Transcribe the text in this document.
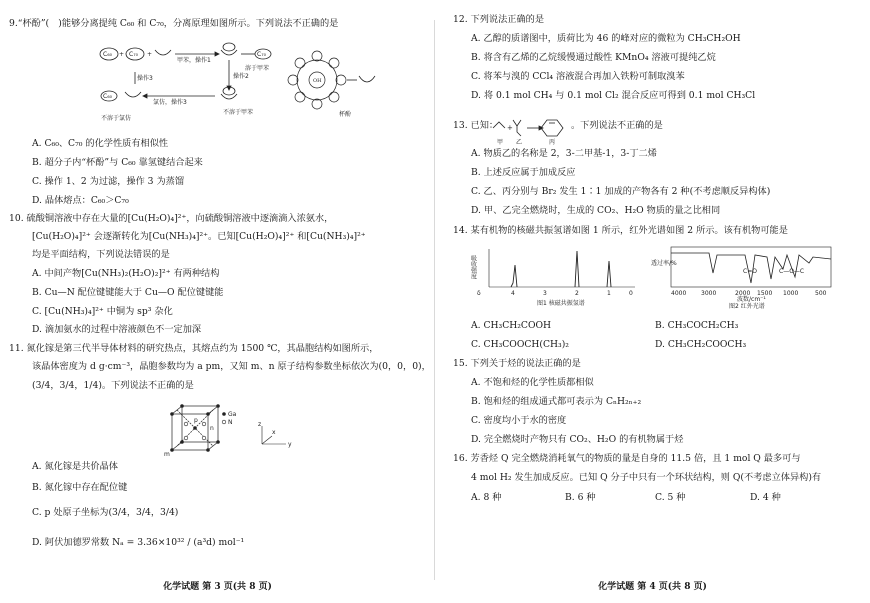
9.“杯酚”(　)能够分离提纯 C₆₀ 和 C₇₀，分离原理如图所示。下列说法不正确的是
C₆₀ + C₇₀ +
甲苯，操作1
C₇₀
溶于甲苯
操作2
不溶于甲苯
氯仿，操作3
不溶于氯仿
C₆₀
操作3	OH
杯酚
A. C₆₀、C₇₀ 的化学性质有相似性
B. 超分子内“杯酚”与 C₆₀ 靠氢键结合起来
C. 操作 1、2 为过滤，操作 3 为蒸馏
D. 晶体熔点：C₆₀＞C₇₀
10. 硫酸铜溶液中存在大量的[Cu(H₂O)₄]²⁺，向硫酸铜溶液中逐滴滴入浓氨水，
[Cu(H₂O)₄]²⁺ 会逐渐转化为[Cu(NH₃)₄]²⁺。已知[Cu(H₂O)₄]²⁺ 和[Cu(NH₃)₄]²⁺
均是平面结构，下列说法错误的是
A. 中间产物[Cu(NH₃)₂(H₂O)₂]²⁺ 有两种结构
B. Cu—N 配位键键能大于 Cu—O 配位键键能
C. [Cu(NH₃)₄]²⁺ 中铜为 sp³ 杂化
D. 滴加氨水的过程中溶液颜色不一定加深
11. 氮化镓是第三代半导体材料的研究热点，其熔点约为 1500 ℃，其晶胞结构如图所示，
该晶体密度为 d g·cm⁻³，晶胞参数均为 a pm，又知 m、n 原子结构参数坐标依次为(0，0，0)，
(3/4，3/4，1/4)。下列说法不正确的是
m
n
p
Ga
N	z
y
x
A. 氮化镓是共价晶体
B. 氮化镓中存在配位键
C. p 处原子坐标为(3/4，3/4，3/4)
D. 阿伏加德罗常数 Nₐ = 3.36×10³² / (a³d) mol⁻¹
化学试题 第 3 页(共 8 页)
12. 下列说法正确的是
A. 乙醇的质谱图中，质荷比为 46 的峰对应的微粒为 CH₃CH₂OH
B. 将含有乙烯的乙烷缓慢通过酸性 KMnO₄ 溶液可提纯乙烷
C. 将苯与溴的 CCl₄ 溶液混合再加入铁粉可制取溴苯
D. 将 0.1 mol CH₄ 与 0.1 mol Cl₂ 混合反应可得到 0.1 mol CH₃Cl
13. 已知： +
甲 乙	丙
。下列说法不正确的是
A. 物质乙的名称是 2，3-二甲基-1，3-丁二烯
B. 上述反应属于加成反应
C. 乙、丙分别与 Br₂ 发生 1∶1 加成的产物各有 2 种(不考虑顺反异构体)
D. 甲、乙完全燃烧时，生成的 CO₂、H₂O 物质的量之比相同
14. 某有机物的核磁共振氢谱如图 1 所示，红外光谱如图 2 所示。该有机物可能是
吸收强度
4	3	2	1	0
δ
图1 核磁共振氢谱
透过率/%
C=O	C—O—C
4000 3000	2000 1500 1000	500
波数/cm⁻¹
图2 红外光谱
A. CH₃CH₂COOH	B. CH₃COCH₂CH₃
C. CH₃COOCH(CH₃)₂	D. CH₃CH₂COOCH₃
15. 下列关于烃的说法正确的是
A. 不饱和烃的化学性质都相似
B. 饱和烃的组成通式都可表示为 CₙH₂ₙ₊₂
C. 密度均小于水的密度
D. 完全燃烧时产物只有 CO₂、H₂O 的有机物属于烃
16. 芳香烃 Q 完全燃烧消耗氧气的物质的量是自身的 11.5 倍，且 1 mol Q 最多可与
4 mol H₂ 发生加成反应。已知 Q 分子中只有一个环状结构，则 Q(不考虑立体异构)有
A. 8 种	B. 6 种	C. 5 种	D. 4 种
化学试题 第 4 页(共 8 页)
